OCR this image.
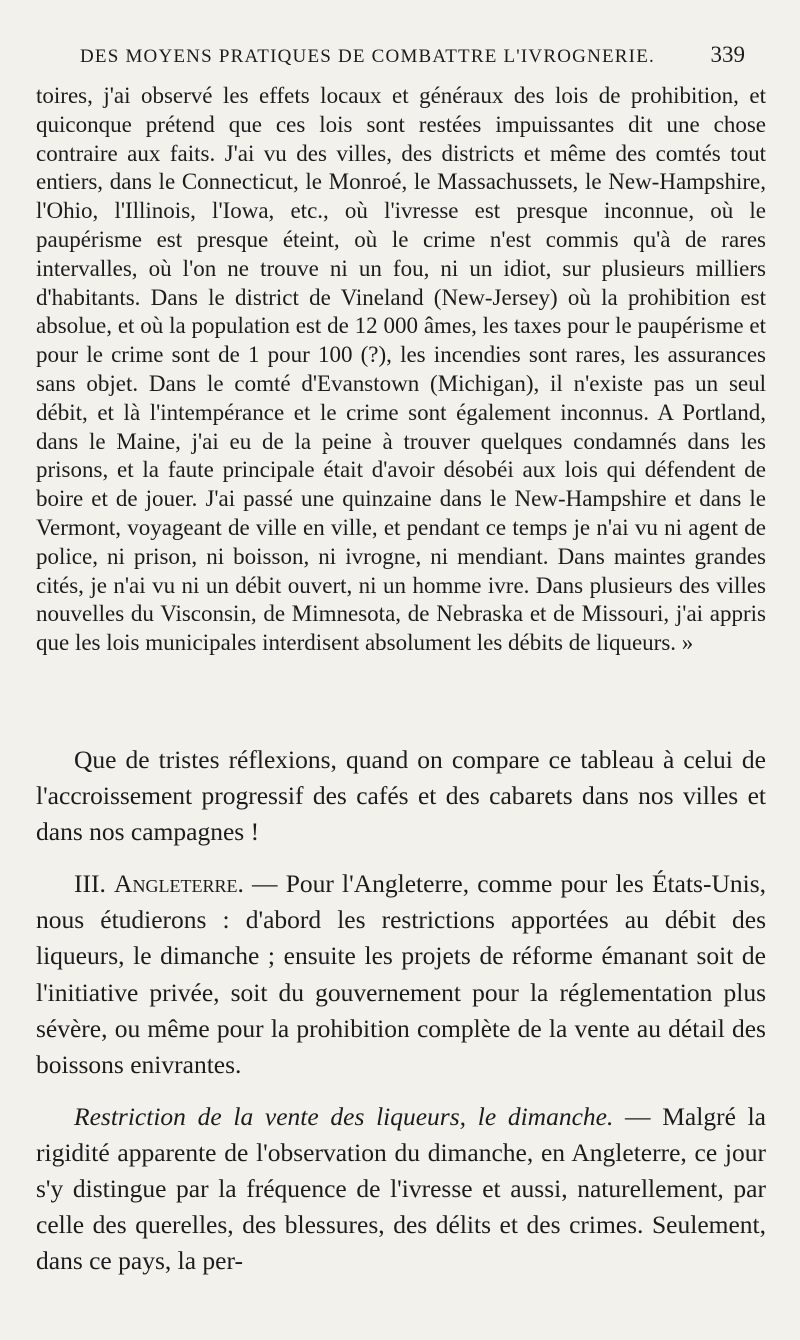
DES MOYENS PRATIQUES DE COMBATTRE L'IVROGNERIE. 339
toires, j'ai observé les effets locaux et généraux des lois de prohibition, et quiconque prétend que ces lois sont restées impuissantes dit une chose contraire aux faits. J'ai vu des villes, des districts et même des comtés tout entiers, dans le Connecticut, le Monroé, le Massachussets, le New-Hampshire, l'Ohio, l'Illinois, l'Iowa, etc., où l'ivresse est presque inconnue, où le paupérisme est presque éteint, où le crime n'est commis qu'à de rares intervalles, où l'on ne trouve ni un fou, ni un idiot, sur plusieurs milliers d'habitants. Dans le district de Vineland (New-Jersey) où la prohibition est absolue, et où la population est de 12 000 âmes, les taxes pour le paupérisme et pour le crime sont de 1 pour 100 (?), les incendies sont rares, les assurances sans objet. Dans le comté d'Evanstown (Michigan), il n'existe pas un seul débit, et là l'intempérance et le crime sont également inconnus. A Portland, dans le Maine, j'ai eu de la peine à trouver quelques condamnés dans les prisons, et la faute principale était d'avoir désobéi aux lois qui défendent de boire et de jouer. J'ai passé une quinzaine dans le New-Hampshire et dans le Vermont, voyageant de ville en ville, et pendant ce temps je n'ai vu ni agent de police, ni prison, ni boisson, ni ivrogne, ni mendiant. Dans maintes grandes cités, je n'ai vu ni un débit ouvert, ni un homme ivre. Dans plusieurs des villes nouvelles du Visconsin, de Mimnesota, de Nebraska et de Missouri, j'ai appris que les lois municipales interdisent absolument les débits de liqueurs. »

Que de tristes réflexions, quand on compare ce tableau à celui de l'accroissement progressif des cafés et des cabarets dans nos villes et dans nos campagnes !

III. Angleterre. — Pour l'Angleterre, comme pour les États-Unis, nous étudierons : d'abord les restrictions apportées au débit des liqueurs, le dimanche ; ensuite les projets de réforme émanant soit de l'initiative privée, soit du gouvernement pour la réglementation plus sévère, ou même pour la prohibition complète de la vente au détail des boissons enivrantes.

Restriction de la vente des liqueurs, le dimanche. — Malgré la rigidité apparente de l'observation du dimanche, en Angleterre, ce jour s'y distingue par la fréquence de l'ivresse et aussi, naturellement, par celle des querelles, des blessures, des délits et des crimes. Seulement, dans ce pays, la per-
